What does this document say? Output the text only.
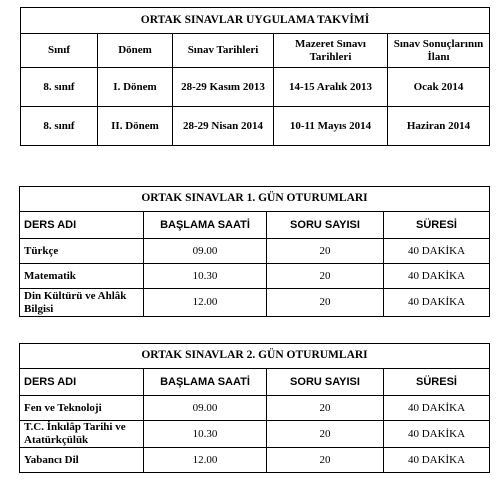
ORTAK SINAVLAR UYGULAMA TAKVİMİ				
Sınıf	Dönem	Sınav Tarihleri	Mazeret Sınavı Tarihleri	Sınav Sonuçlarının İlanı
8. sınıf	I. Dönem	28-29 Kasım 2013	14-15 Aralık 2013	Ocak 2014
8. sınıf	II. Dönem	28-29 Nisan 2014	10-11 Mayıs 2014	Haziran 2014
ORTAK SINAVLAR 1. GÜN OTURUMLARI			
DERS ADI	BAŞLAMA SAATİ	SORU SAYISI	SÜRESİ
Türkçe	09.00	20	40 DAKİKA
Matematik	10.30	20	40 DAKİKA
Din Kültürü ve Ahlâk Bilgisi	12.00	20	40 DAKİKA
ORTAK SINAVLAR 2. GÜN OTURUMLARI			
DERS ADI	BAŞLAMA SAATİ	SORU SAYISI	SÜRESİ
Fen ve Teknoloji	09.00	20	40 DAKİKA
T.C. İnkılâp Tarihi ve Atatürkçülük	10.30	20	40 DAKİKA
Yabancı Dil	12.00	20	40 DAKİKA
